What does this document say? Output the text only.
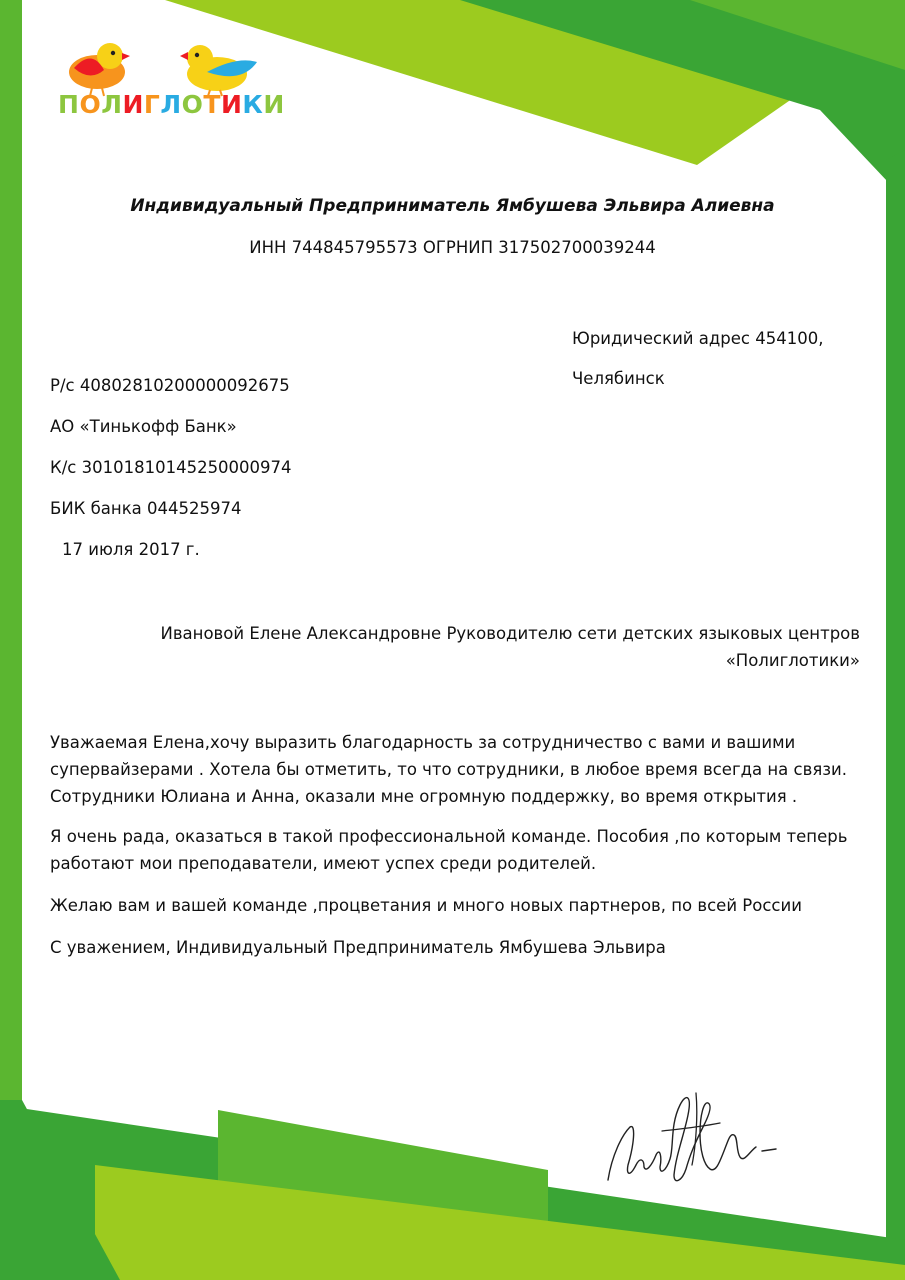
ПОЛИГЛОТИКИ
Индивидуальный Предприниматель Ямбушева Эльвира Алиевна
ИНН 744845795573 ОГРНИП 317502700039244
Юридический адрес 454100,
Челябинск
Р/с 40802810200000092675
АО «Тинькофф Банк»
К/с 30101810145250000974
БИК банка 044525974
17 июля 2017 г.
Ивановой Елене Александровне Руководителю сети детских языковых центров
«Полиглотики»
Уважаемая Елена,хочу выразить благодарность за сотрудничество с вами и вашими
супервайзерами . Хотела бы отметить, то что сотрудники, в любое время всегда на связи.
Сотрудники Юлиана и Анна, оказали мне огромную поддержку, во время открытия .
Я очень рада, оказаться в такой профессиональной команде. Пособия ,по которым теперь
работают мои преподаватели, имеют успех среди родителей.
Желаю вам и вашей команде ,процветания и много новых партнеров, по всей России
С уважением, Индивидуальный Предприниматель Ямбушева Эльвира
